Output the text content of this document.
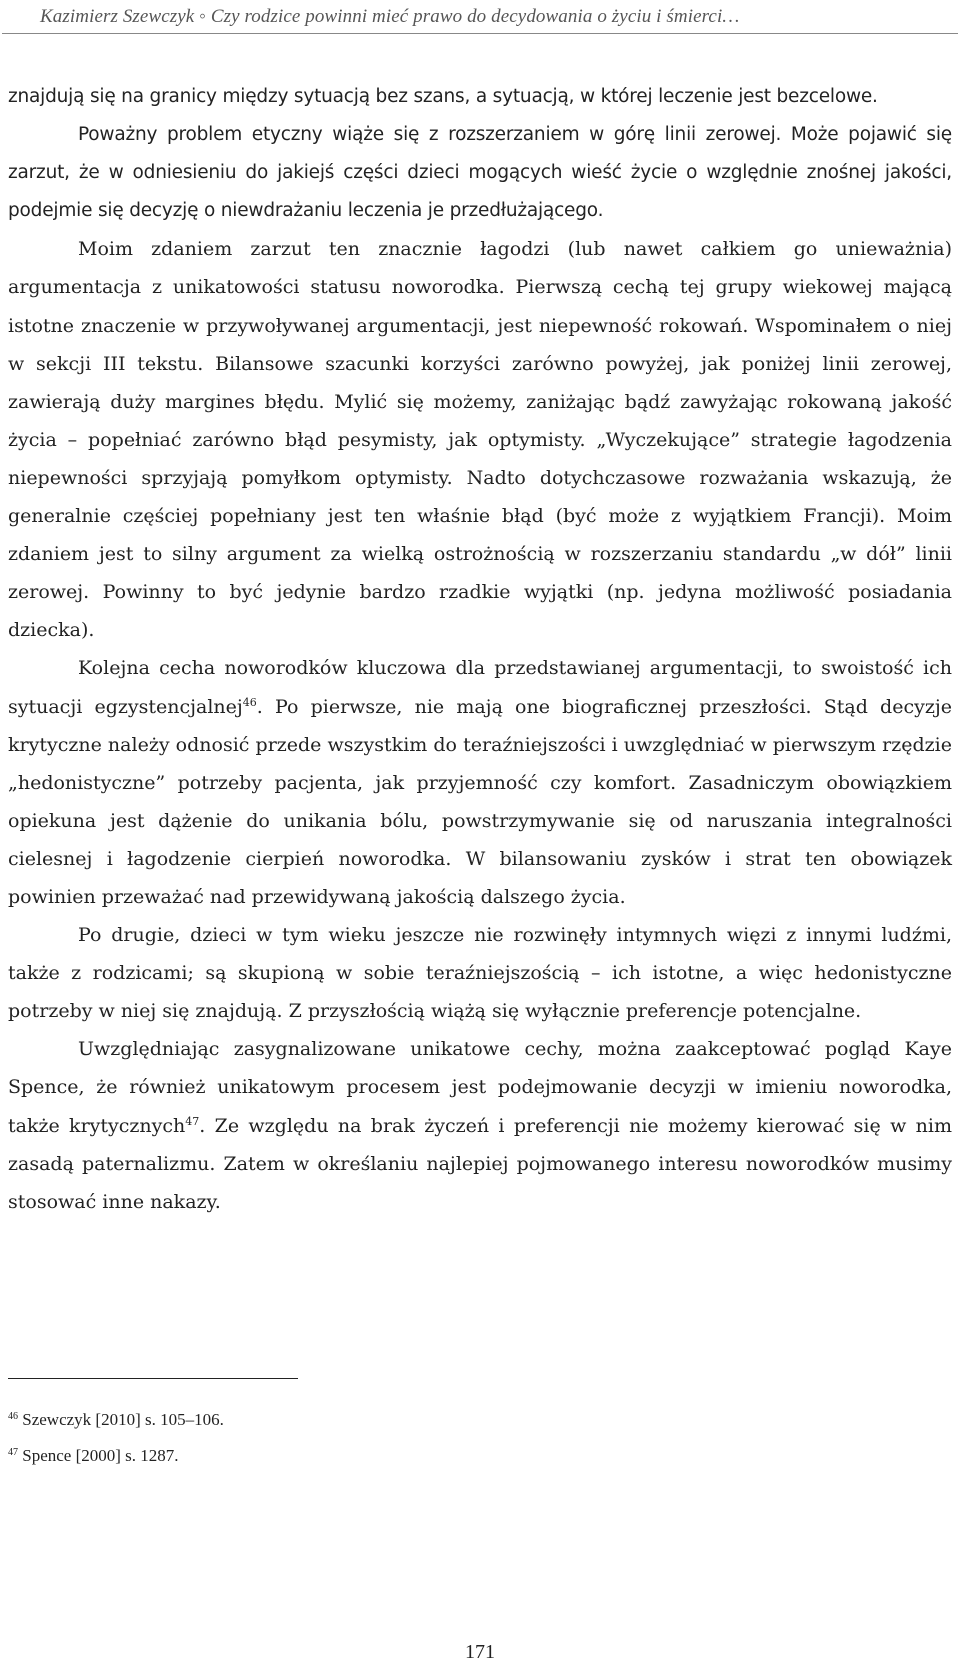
Kazimierz Szewczyk ◦ Czy rodzice powinni mieć prawo do decydowania o życiu i śmierci…

znajdują się na granicy między sytuacją bez szans, a sytuacją, w której leczenie jest bezcelowe.

Poważny problem etyczny wiąże się z rozszerzaniem w górę linii zerowej. Może pojawić się zarzut, że w odniesieniu do jakiejś części dzieci mogących wieść życie o względnie znośnej jakości, podejmie się decyzję o niewdrażaniu leczenia je przedłużającego.

Moim zdaniem zarzut ten znacznie łagodzi (lub nawet całkiem go unieważnia) argumentacja z unikatowości statusu noworodka. Pierwszą cechą tej grupy wiekowej mającą istotne znaczenie w przywoływanej argumentacji, jest niepewność rokowań. Wspominałem o niej w sekcji III tekstu. Bilansowe szacunki korzyści zarówno powyżej, jak poniżej linii zerowej, zawierają duży margines błędu. Mylić się możemy, zaniżając bądź zawyżając rokowaną jakość życia – popełniać zarówno błąd pesymisty, jak optymisty. „Wyczekujące” strategie łagodzenia niepewności sprzyjają pomyłkom optymisty. Nadto dotychczasowe rozważania wskazują, że generalnie częściej popełniany jest ten właśnie błąd (być może z wyjątkiem Francji). Moim zdaniem jest to silny argument za wielką ostrożnością w rozszerzaniu standardu „w dół” linii zerowej. Powinny to być jedynie bardzo rzadkie wyjątki (np. jedyna możliwość posiadania dziecka).

Kolejna cecha noworodków kluczowa dla przedstawianej argumentacji, to swoistość ich sytuacji egzystencjalnej$^{46}$. Po pierwsze, nie mają one biograficznej przeszłości. Stąd decyzje krytyczne należy odnosić przede wszystkim do teraźniejszości i uwzględniać w pierwszym rzędzie „hedonistyczne” potrzeby pacjenta, jak przyjemność czy komfort. Zasadniczym obowiązkiem opiekuna jest dążenie do unikania bólu, powstrzymywanie się od naruszania integralności cielesnej i łagodzenie cierpień noworodka. W bilansowaniu zysków i strat ten obowiązek powinien przeważać nad przewidywaną jakością dalszego życia.

Po drugie, dzieci w tym wieku jeszcze nie rozwinęły intymnych więzi z innymi ludźmi, także z rodzicami; są skupioną w sobie teraźniejszością – ich istotne, a więc hedonistyczne potrzeby w niej się znajdują. Z przyszłością wiążą się wyłącznie preferencje potencjalne.

Uwzględniając zasygnalizowane unikatowe cechy, można zaakceptować pogląd Kaye Spence, że również unikatowym procesem jest podejmowanie decyzji w imieniu noworodka, także krytycznych$^{47}$. Ze względu na brak życzeń i preferencji nie możemy kierować się w nim zasadą paternalizmu. Zatem w określaniu najlepiej pojmowanego interesu noworodków musimy stosować inne nakazy.

$^{46}$ Szewczyk [2010] s. 105–106.
$^{47}$ Spence [2000] s. 1287.
171
